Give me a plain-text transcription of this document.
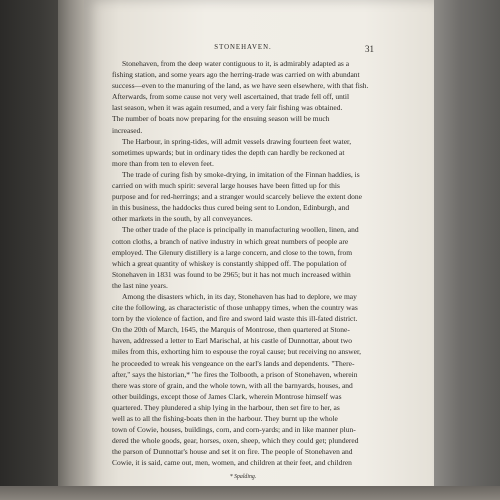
STONEHAVEN.	31
Stonehaven, from the deep water contiguous to it, is admirably adapted as a
fishing station, and some years ago the herring-trade was carried on with abundant
success—even to the manuring of the land, as we have seen elsewhere, with that fish.
Afterwards, from some cause not very well ascertained, that trade fell off, until
last season, when it was again resumed, and a very fair fishing was obtained.
The number of boats now preparing for the ensuing season will be much
increased.
The Harbour, in spring-tides, will admit vessels drawing fourteen feet water,
sometimes upwards; but in ordinary tides the depth can hardly be reckoned at
more than from ten to eleven feet.
The trade of curing fish by smoke-drying, in imitation of the Finnan haddies, is
carried on with much spirit: several large houses have been fitted up for this
purpose and for red-herrings; and a stranger would scarcely believe the extent done
in this business, the haddocks thus cured being sent to London, Edinburgh, and
other markets in the south, by all conveyances.
The other trade of the place is principally in manufacturing woollen, linen, and
cotton cloths, a branch of native industry in which great numbers of people are
employed. The Glenury distillery is a large concern, and close to the town, from
which a great quantity of whiskey is constantly shipped off. The population of
Stonehaven in 1831 was found to be 2965; but it has not much increased within
the last nine years.
Among the disasters which, in its day, Stonehaven has had to deplore, we may
cite the following, as characteristic of those unhappy times, when the country was
torn by the violence of faction, and fire and sword laid waste this ill-fated district.
On the 20th of March, 1645, the Marquis of Montrose, then quartered at Stone-
haven, addressed a letter to Earl Marischal, at his castle of Dunnottar, about two
miles from this, exhorting him to espouse the royal cause; but receiving no answer,
he proceeded to wreak his vengeance on the earl's lands and dependents. "There-
after," says the historian,* "he fires the Tolbooth, a prison of Stonehaven, wherein
there was store of grain, and the whole town, with all the barnyards, houses, and
other buildings, except those of James Clark, wherein Montrose himself was
quartered. They plundered a ship lying in the harbour, then set fire to her, as
well as to all the fishing-boats then in the harbour. They burnt up the whole
town of Cowie, houses, buildings, corn, and corn-yards; and in like manner plun-
dered the whole goods, gear, horses, oxen, sheep, which they could get; plundered
the parson of Dunnottar's house and set it on fire. The people of Stonehaven and
Cowie, it is said, came out, men, women, and children at their feet, and children
* Spalding.
